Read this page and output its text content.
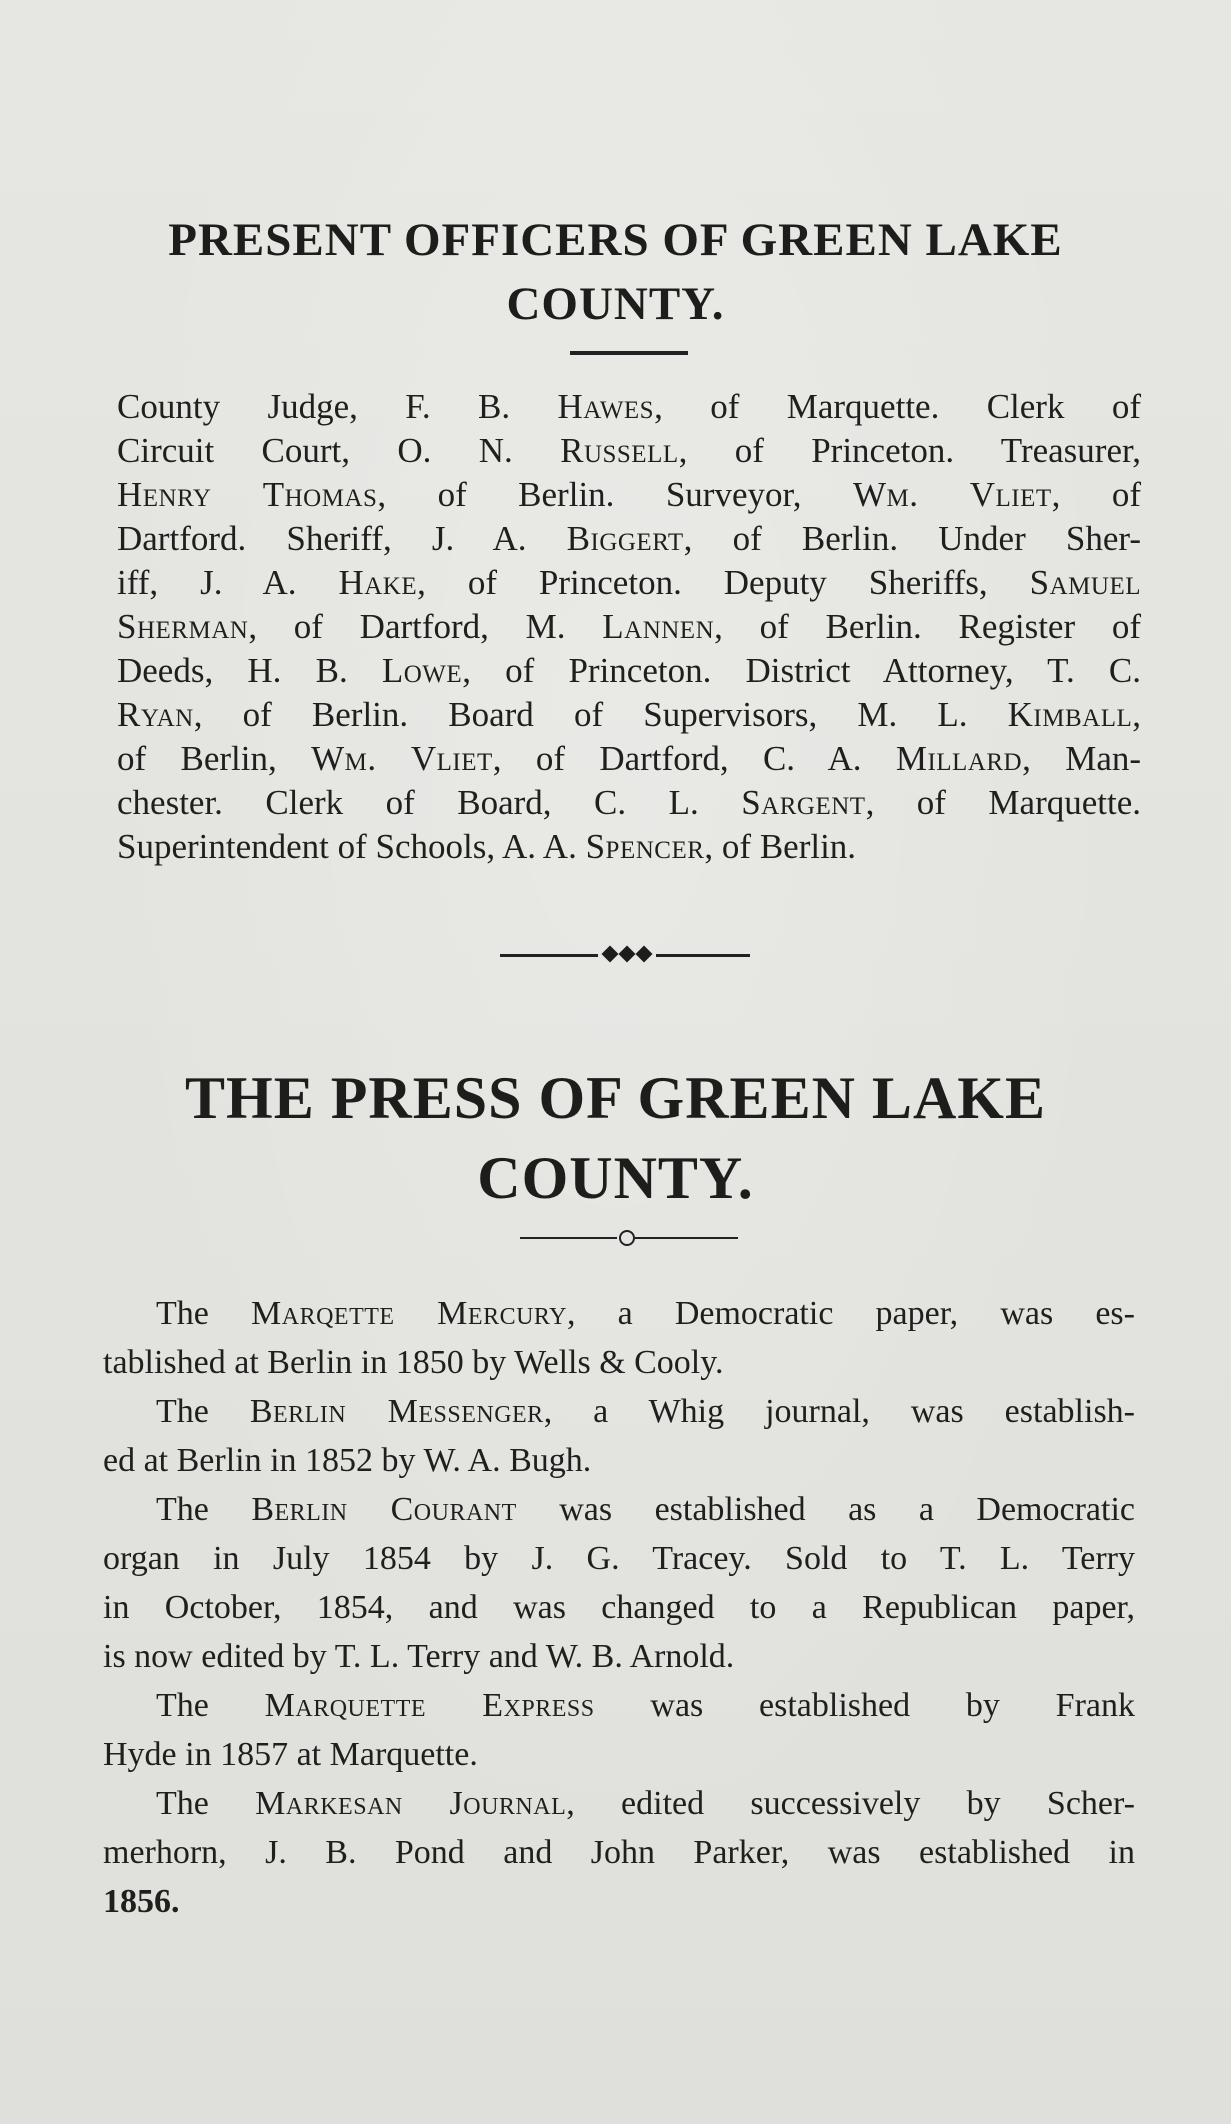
PRESENT OFFICERS OF GREEN LAKE
COUNTY.

County Judge, F. B. Hawes, of Marquette. Clerk of
Circuit Court, O. N. Russell, of Princeton. Treasurer,
Henry Thomas, of Berlin. Surveyor, Wm. Vliet, of
Dartford. Sheriff, J. A. Biggert, of Berlin. Under Sher-
iff, J. A. Hake, of Princeton. Deputy Sheriffs, Samuel
Sherman, of Dartford, M. Lannen, of Berlin. Register of
Deeds, H. B. Lowe, of Princeton. District Attorney, T. C.
Ryan, of Berlin. Board of Supervisors, M. L. Kimball,
of Berlin, Wm. Vliet, of Dartford, C. A. Millard, Man-
chester. Clerk of Board, C. L. Sargent, of Marquette.
Superintendent of Schools, A. A. Spencer, of Berlin.

THE PRESS OF GREEN LAKE
COUNTY.
The Marqette Mercury, a Democratic paper, was es-
tablished at Berlin in 1850 by Wells & Cooly.
The Berlin Messenger, a Whig journal, was establish-
ed at Berlin in 1852 by W. A. Bugh.
The Berlin Courant was established as a Democratic
organ in July 1854 by J. G. Tracey. Sold to T. L. Terry
in October, 1854, and was changed to a Republican paper,
is now edited by T. L. Terry and W. B. Arnold.
The Marquette Express was established by Frank
Hyde in 1857 at Marquette.
The Markesan Journal, edited successively by Scher-
merhorn, J. B. Pond and John Parker, was established in
1856.
